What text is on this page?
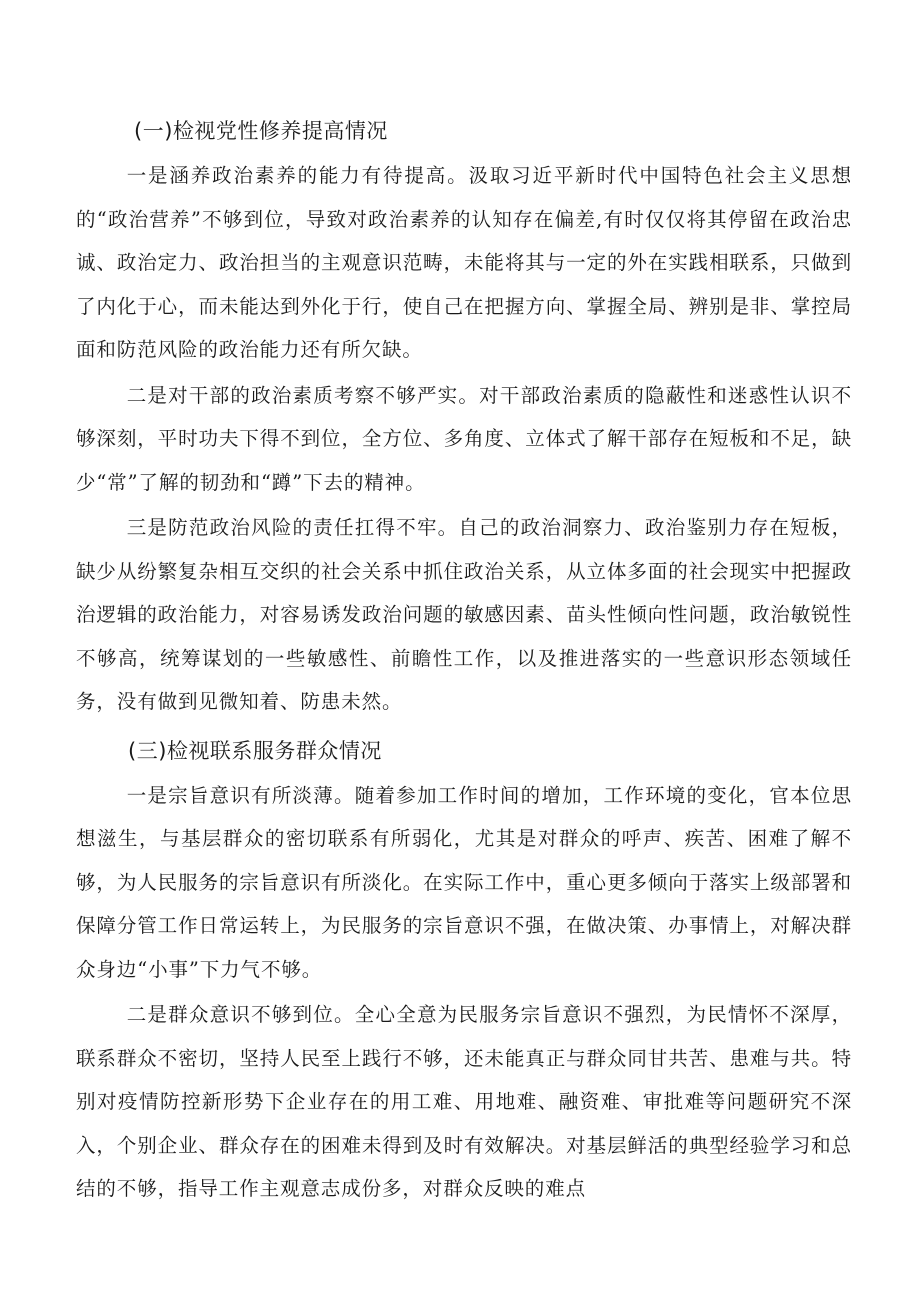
(一)检视党性修养提高情况

一是涵养政治素养的能力有待提高。汲取习近平新时代中国特色社会主义思想的“政治营养”不够到位，导致对政治素养的认知存在偏差,有时仅仅将其停留在政治忠诚、政治定力、政治担当的主观意识范畴，未能将其与一定的外在实践相联系，只做到了内化于心，而未能达到外化于行，使自己在把握方向、掌握全局、辨别是非、掌控局面和防范风险的政治能力还有所欠缺。

二是对干部的政治素质考察不够严实。对干部政治素质的隐蔽性和迷惑性认识不够深刻，平时功夫下得不到位，全方位、多角度、立体式了解干部存在短板和不足，缺少“常”了解的韧劲和“蹲”下去的精神。

三是防范政治风险的责任扛得不牢。自己的政治洞察力、政治鉴别力存在短板，缺少从纷繁复杂相互交织的社会关系中抓住政治关系，从立体多面的社会现实中把握政治逻辑的政治能力，对容易诱发政治问题的敏感因素、苗头性倾向性问题，政治敏锐性不够高，统筹谋划的一些敏感性、前瞻性工作，以及推进落实的一些意识形态领域任务，没有做到见微知着、防患未然。

(三)检视联系服务群众情况

一是宗旨意识有所淡薄。随着参加工作时间的增加，工作环境的变化，官本位思想滋生，与基层群众的密切联系有所弱化，尤其是对群众的呼声、疾苦、困难了解不够，为人民服务的宗旨意识有所淡化。在实际工作中，重心更多倾向于落实上级部署和保障分管工作日常运转上，为民服务的宗旨意识不强，在做决策、办事情上，对解决群众身边“小事”下力气不够。

二是群众意识不够到位。全心全意为民服务宗旨意识不强烈，为民情怀不深厚，联系群众不密切，坚持人民至上践行不够，还未能真正与群众同甘共苦、患难与共。特别对疫情防控新形势下企业存在的用工难、用地难、融资难、审批难等问题研究不深入，个别企业、群众存在的困难未得到及时有效解决。对基层鲜活的典型经验学习和总结的不够，指导工作主观意志成份多，对群众反映的难点
